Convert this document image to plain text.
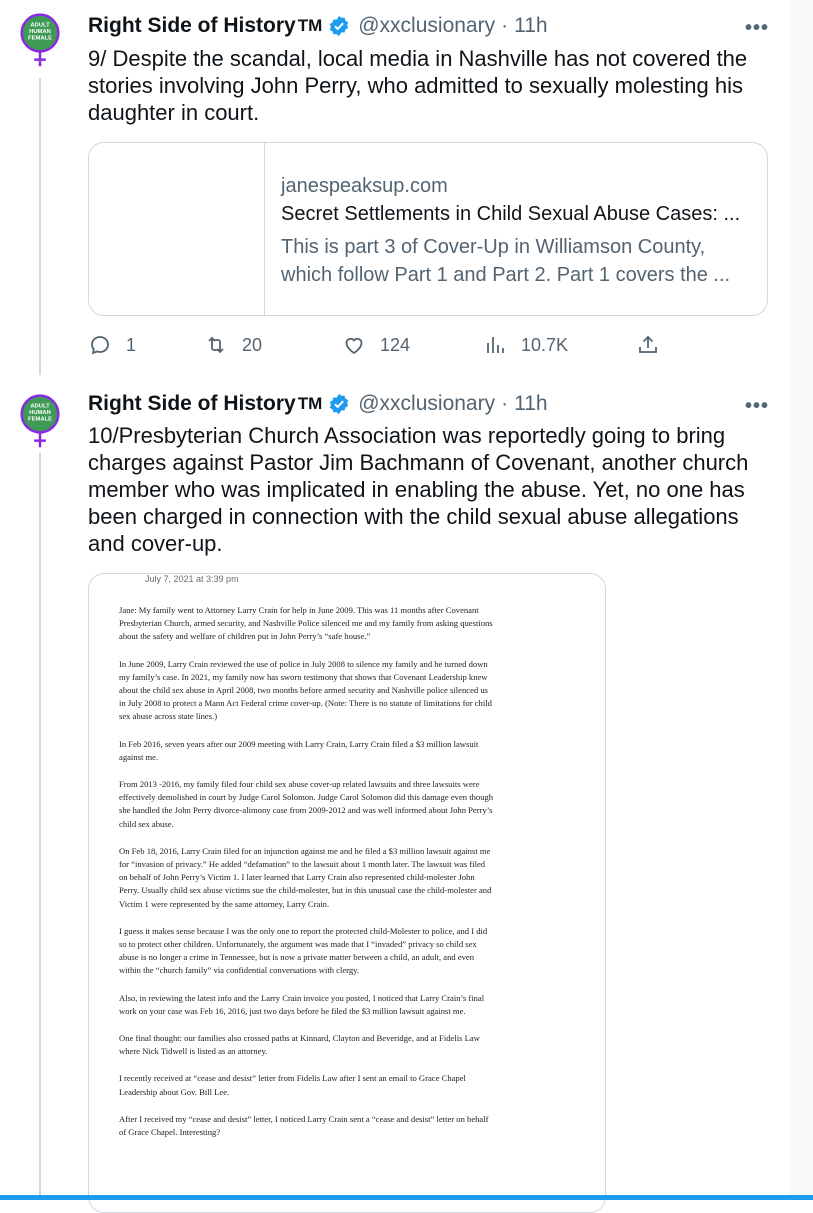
ADULT
HUMAN
FEMALE
Right Side of History TM @xxclusionary · 11h	•••
9/ Despite the scandal, local media in Nashville has not covered the stories involving John Perry, who admitted to sexually molesting his daughter in court.
janespeaksup.com
Secret Settlements in Child Sexual Abuse Cases: ...
This is part 3 of Cover-Up in Williamson County, which follow Part 1 and Part 2. Part 1 covers the ...
1	20	124	10.7K
ADULT
HUMAN
FEMALE
Right Side of History TM @xxclusionary · 11h	•••
10/Presbyterian Church Association was reportedly going to bring charges against Pastor Jim Bachmann of Covenant, another church member who was implicated in enabling the abuse. Yet, no one has been charged in connection with the child sexual abuse allegations and cover-up.
July 7, 2021 at 3:39 pm

Jane: My family went to Attorney Larry Crain for help in June 2009. This was 11 months after Covenant Presbyterian Church, armed security, and Nashville Police silenced me and my family from asking questions about the safety and welfare of children put in John Perry’s “safe house.”

In June 2009, Larry Crain reviewed the use of police in July 2008 to silence my family and he turned down my family’s case. In 2021, my family now has sworn testimony that shows that Covenant Leadership knew about the child sex abuse in April 2008, two months before armed security and Nashville police silenced us in July 2008 to protect a Mann Act Federal crime cover-up. (Note: There is no statute of limitations for child sex abuse across state lines.)

In Feb 2016, seven years after our 2009 meeting with Larry Crain, Larry Crain filed a $3 million lawsuit against me.

From 2013 -2016, my family filed four child sex abuse cover-up related lawsuits and three lawsuits were effectively demolished in court by Judge Carol Solomon. Judge Carol Solomon did this damage even though she handled the John Perry divorce-alimony case from 2009-2012 and was well informed about John Perry’s child sex abuse.

On Feb 18, 2016, Larry Crain filed for an injunction against me and he filed a $3 million lawsuit against me for “invasion of privacy.” He added “defamation” to the lawsuit about 1 month later. The lawsuit was filed on behalf of John Perry’s Victim 1. I later learned that Larry Crain also represented child-molester John Perry. Usually child sex abuse victims sue the child-molester, but in this unusual case the child-molester and Victim 1 were represented by the same attorney, Larry Crain.

I guess it makes sense because I was the only one to report the protected child-Molester to police, and I did so to protect other children. Unfortunately, the argument was made that I “invaded” privacy so child sex abuse is no longer a crime in Tennessee, but is now a private matter between a child, an adult, and even within the “church family” via confidential conversations with clergy.

Also, in reviewing the latest info and the Larry Crain invoice you posted, I noticed that Larry Crain’s final work on your case was Feb 16, 2016, just two days before he filed the $3 million lawsuit against me.

One final thought: our families also crossed paths at Kinnard, Clayton and Beveridge, and at Fidelis Law where Nick Tidwell is listed as an attorney.

I recently received at “cease and desist” letter from Fidelis Law after I sent an email to Grace Chapel Leadership about Gov. Bill Lee.

After I received my “cease and desist” letter, I noticed Larry Crain sent a “cease and desist” letter on behalf of Grace Chapel. Interesting?
